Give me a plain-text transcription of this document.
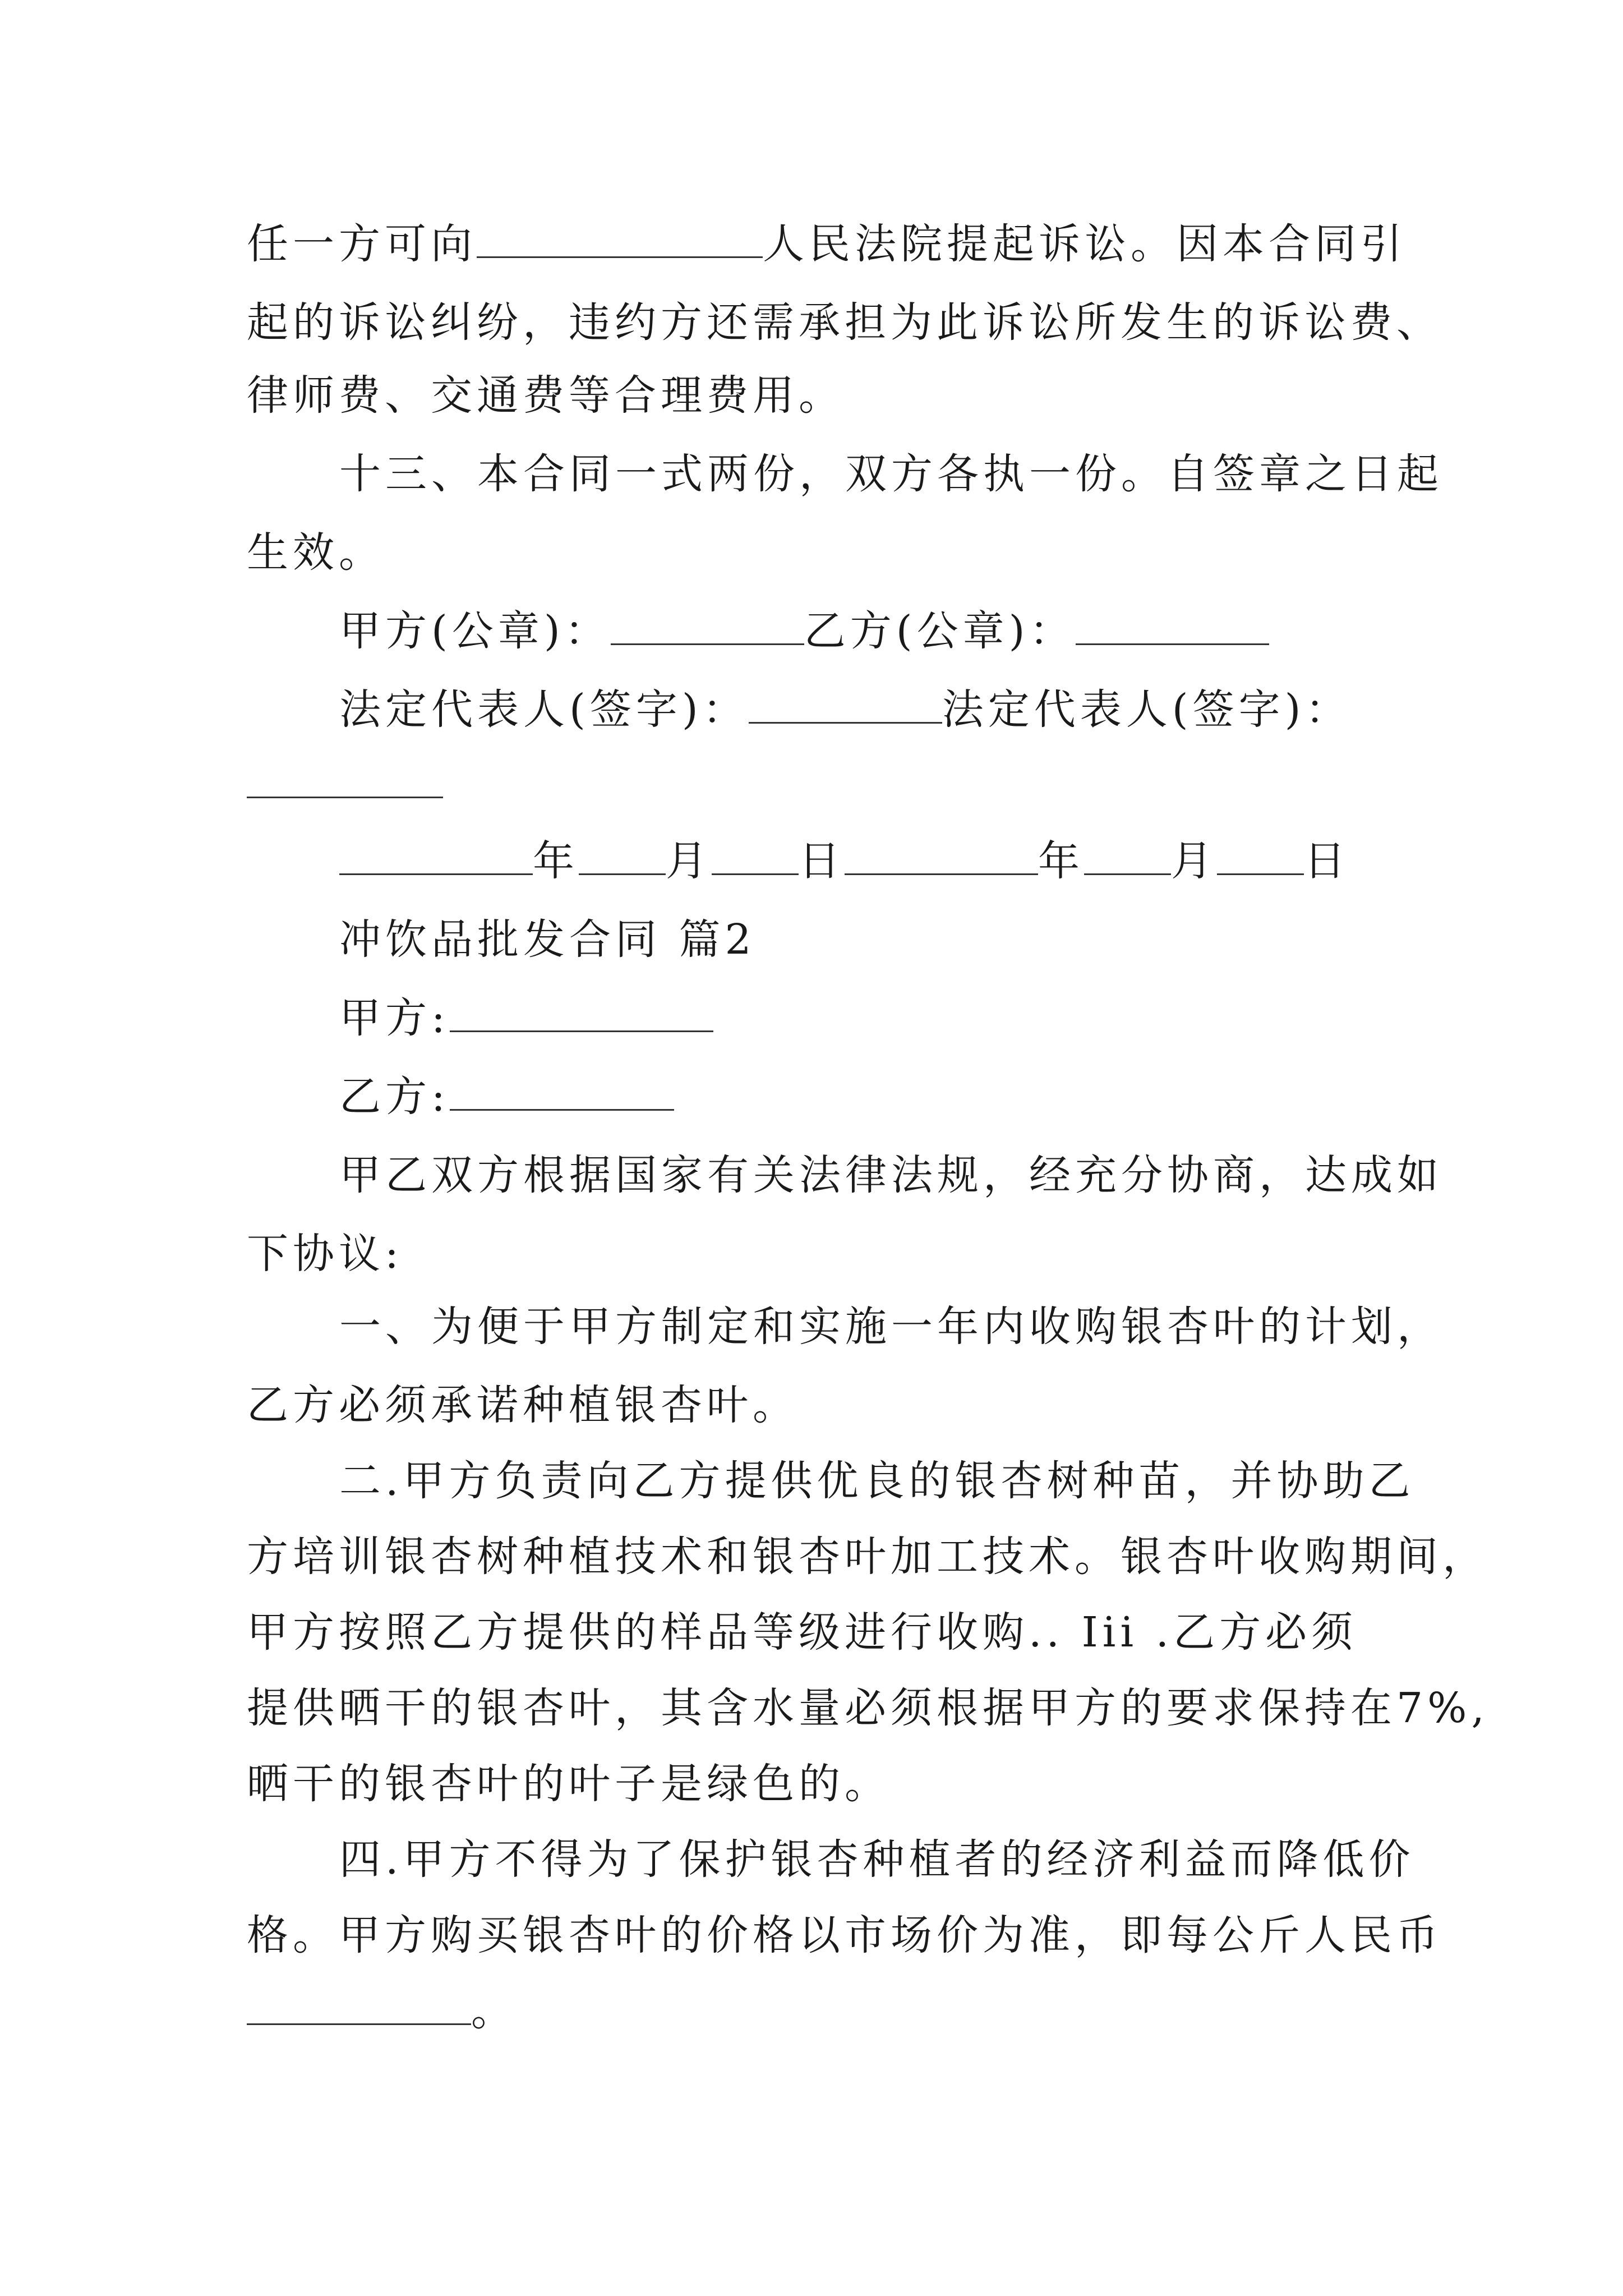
任一方可向	人民法院提起诉讼。因本合同引
起的诉讼纠纷，违约方还需承担为此诉讼所发生的诉讼费、
律师费、交通费等合理费用。
十三、本合同一式两份，双方各执一份。自签章之日起
生效。
甲方(公章)：	乙方(公章)：
法定代表人(签字)：	法定代表人(签字)：
年 月 日	年 月 日
冲饮品批发合同 篇2
甲方:
乙方:
甲乙双方根据国家有关法律法规，经充分协商，达成如
下协议:
一、为便于甲方制定和实施一年内收购银杏叶的计划，
乙方必须承诺种植银杏叶。
二.甲方负责向乙方提供优良的银杏树种苗，并协助乙
方培训银杏树种植技术和银杏叶加工技术。银杏叶收购期间，
甲方按照乙方提供的样品等级进行收购.. Iii .乙方必须
提供晒干的银杏叶，其含水量必须根据甲方的要求保持在7%,
晒干的银杏叶的叶子是绿色的。
四.甲方不得为了保护银杏种植者的经济利益而降低价
格。甲方购买银杏叶的价格以市场价为准，即每公斤人民币
。
